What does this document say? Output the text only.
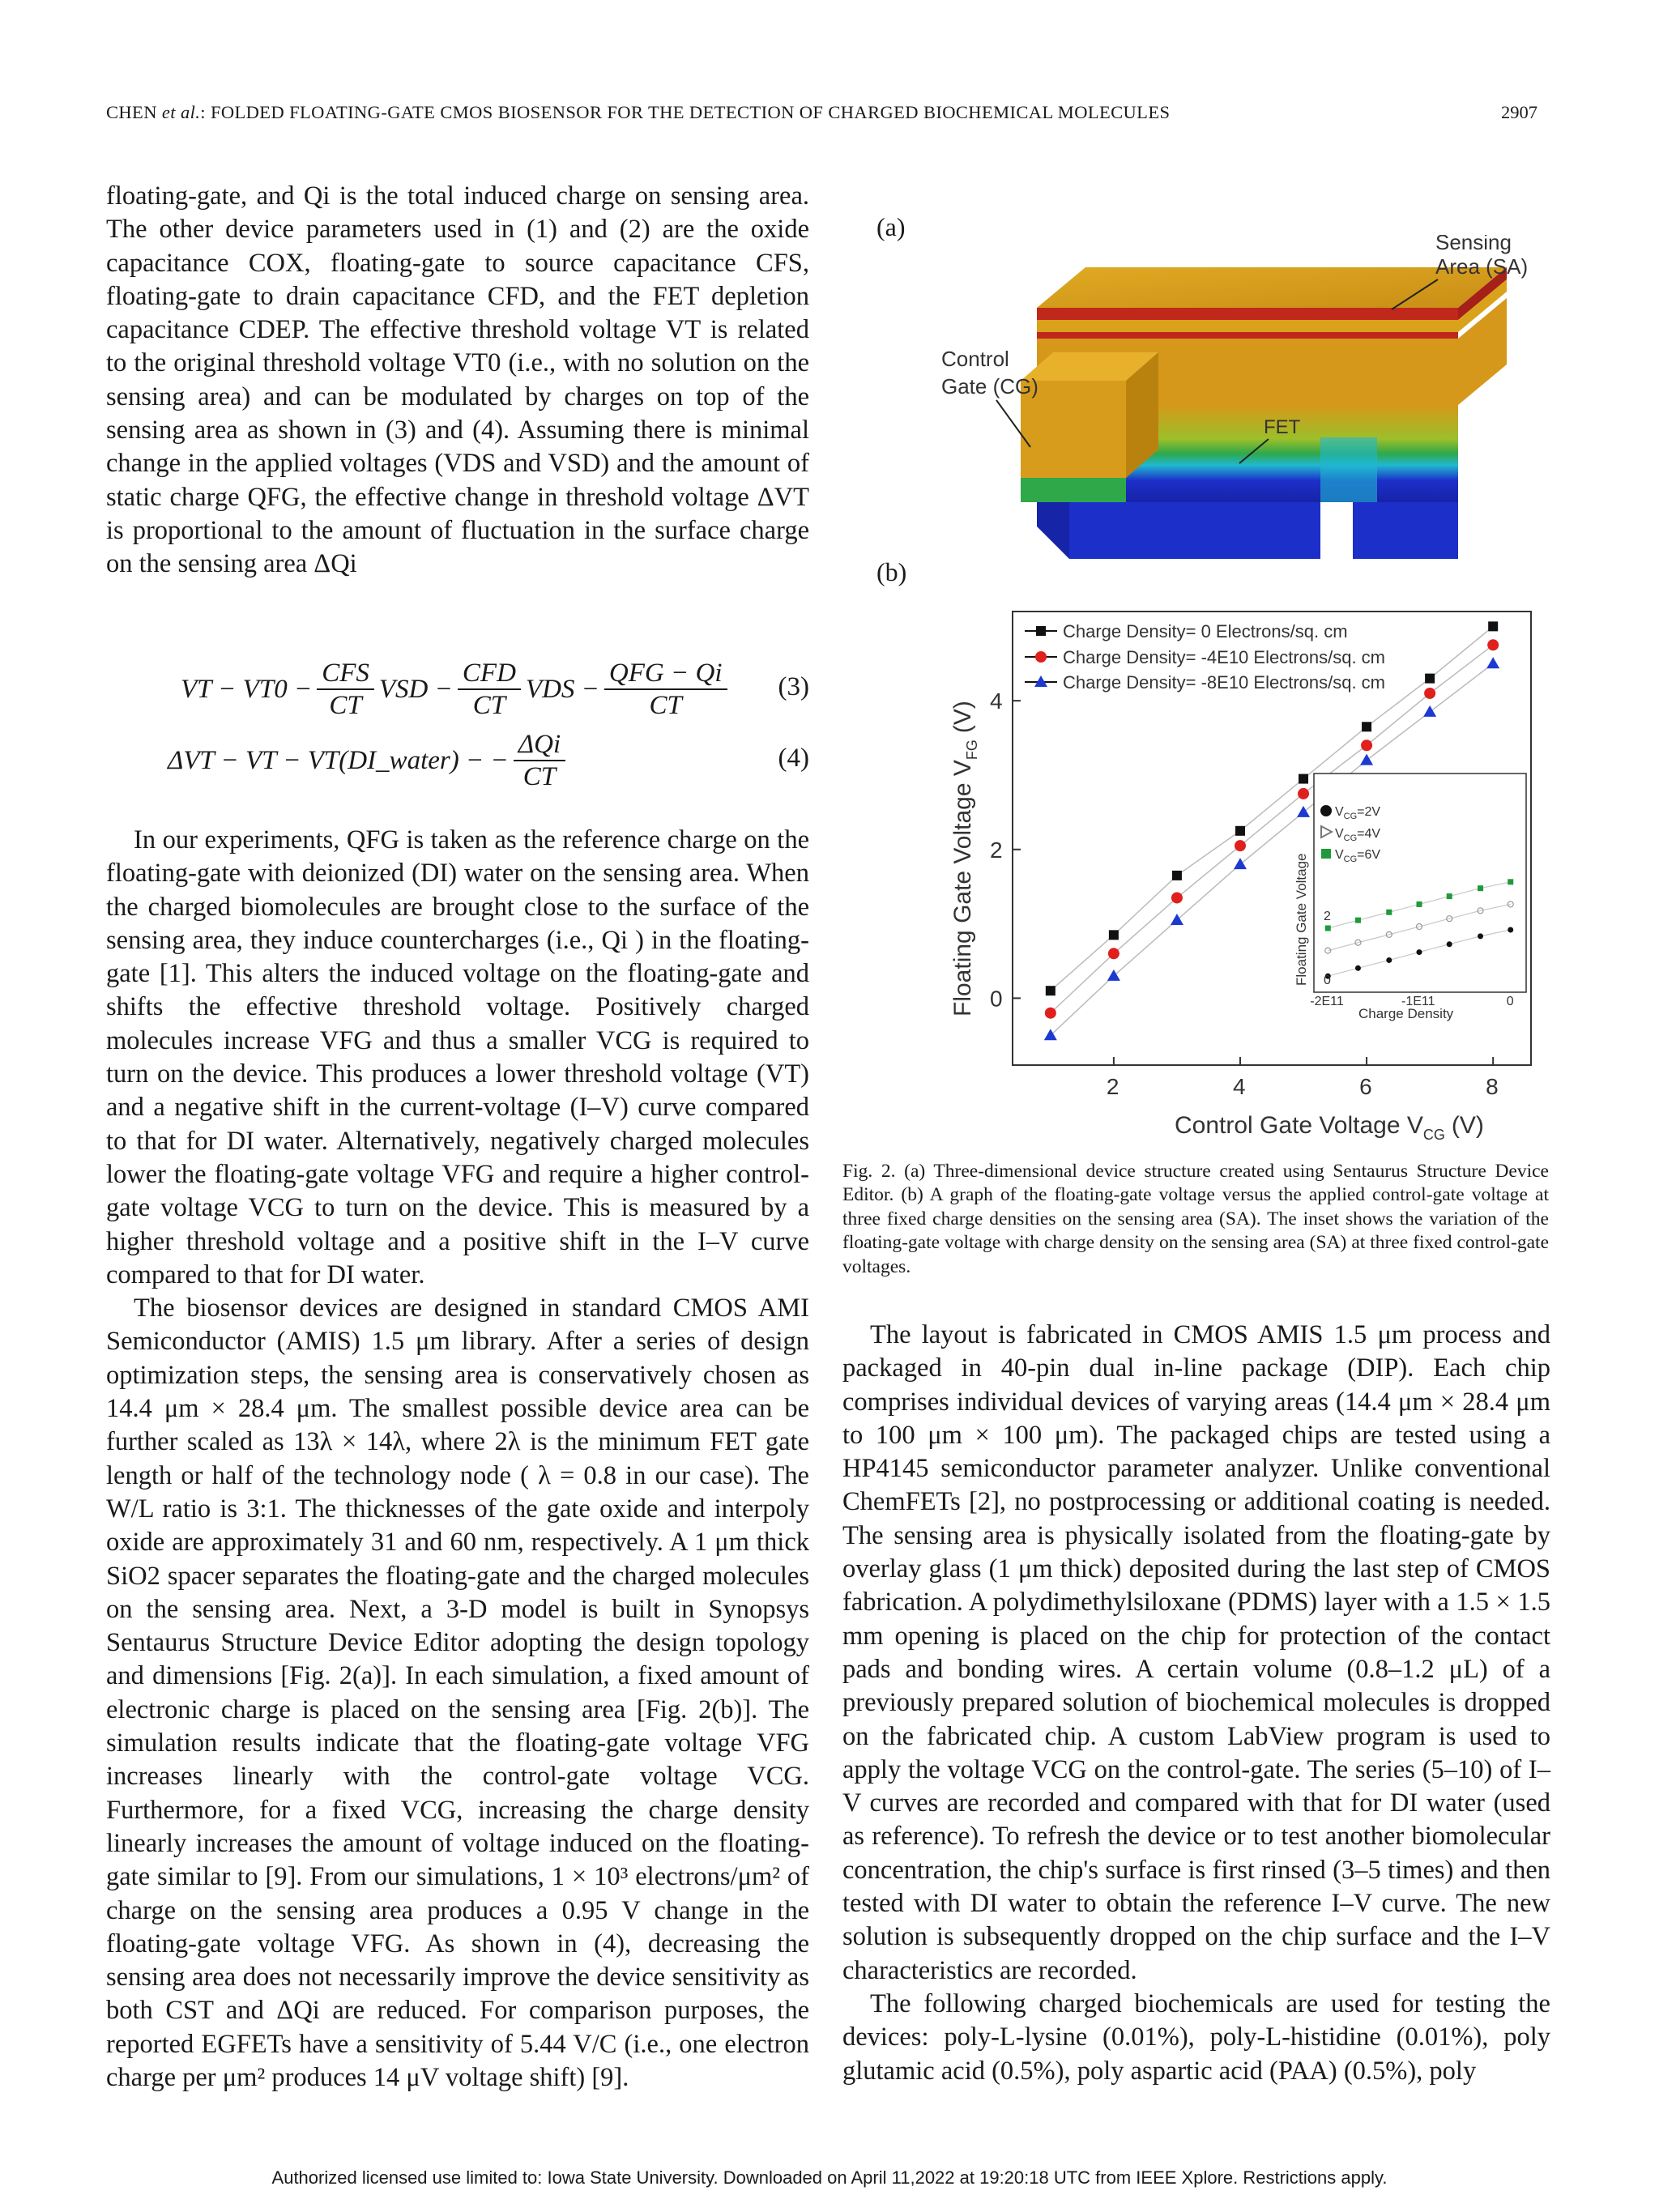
CHEN et al.: FOLDED FLOATING-GATE CMOS BIOSENSOR FOR THE DETECTION OF CHARGED BIOCHEMICAL MOLECULES	2907

floating-gate, and Qi is the total induced charge on sensing area. The other device parameters used in (1) and (2) are the oxide capacitance COX, floating-gate to source capacitance CFS, floating-gate to drain capacitance CFD, and the FET depletion capacitance CDEP. The effective threshold voltage VT is related to the original threshold voltage VT0 (i.e., with no solution on the sensing area) and can be modulated by charges on top of the sensing area as shown in (3) and (4). Assuming there is minimal change in the applied voltages (VDS and VSD) and the amount of static charge QFG, the effective change in threshold voltage ΔVT is proportional to the amount of fluctuation in the surface charge on the sensing area ΔQi

VT − $VT0 - \frac{\text{CFS}}{CT}$ VSD − $\frac{\text{CFD}}{CT}$ VDS − $\frac{\text{QFG − Qi}}{CT} (3)$
ΔVT − VT − VT(DI_water) − − $\frac{\text{ΔQi}}{CT}$	(4)

In our experiments, QFG is taken as the reference charge on the floating-gate with deionized (DI) water on the sensing area. When the charged biomolecules are brought close to the surface of the sensing area, they induce countercharges (i.e., Qi ) in the floating-gate [1]. This alters the induced voltage on the floating-gate and shifts the effective threshold voltage. Positively charged molecules increase VFG and thus a smaller VCG is required to turn on the device. This produces a lower threshold voltage (VT) and a negative shift in the current-voltage (I–V) curve compared to that for DI water. Alternatively, negatively charged molecules lower the floating-gate voltage VFG and require a higher control-gate voltage VCG to turn on the device. This is measured by a higher threshold voltage and a positive shift in the I–V curve compared to that for DI water.

The biosensor devices are designed in standard CMOS AMI Semiconductor (AMIS) 1.5 μm library. After a series of design optimization steps, the sensing area is conservatively chosen as 14.4 μm × 28.4 μm. The smallest possible device area can be further scaled as 13λ × 14λ, where 2λ is the minimum FET gate length or half of the technology node ( λ = 0.8 in our case). The W/L ratio is 3:1. The thicknesses of the gate oxide and interpoly oxide are approximately 31 and 60 nm, respectively. A 1 μm thick SiO2 spacer separates the floating-gate and the charged molecules on the sensing area. Next, a 3-D model is built in Synopsys Sentaurus Structure Device Editor adopting the design topology and dimensions [Fig. 2(a)]. In each simulation, a fixed amount of electronic charge is placed on the sensing area [Fig. 2(b)]. The simulation results indicate that the floating-gate voltage VFG increases linearly with the control-gate voltage VCG. Furthermore, for a fixed VCG, increasing the charge density linearly increases the amount of voltage induced on the floating-gate similar to [9]. From our simulations, 1 × 10³ electrons/μm² of charge on the sensing area produces a 0.95 V change in the floating-gate voltage VFG. As shown in (4), decreasing the sensing area does not necessarily improve the device sensitivity as both CST and ΔQi are reduced. For comparison purposes, the reported EGFETs have a sensitivity of 5.44 V/C (i.e., one electron charge per μm² produces 14 μV voltage shift) [9].

(a)
(b)
Sensing
Area (SA)
Control
Gate (CG)
FET
2	4	6	8
0
2
4
Charge Density= 0 Electrons/sq. cm
Charge Density= -4E10 Electrons/sq. cm
Charge Density= -8E10 Electrons/sq. cm
Control Gate Voltage $V_{CG}$ (V)
Floating Gate Voltage $V_{FG}(V)$
$V_{CG}=2V$
$V_{CG}=4V$
$V_{CG}=6V$
Floating Gate Voltage
Charge Density
-2E11	-1E11	0
0
2
Fig. 2. (a) Three-dimensional device structure created using Sentaurus Structure Device Editor. (b) A graph of the floating-gate voltage versus the applied control-gate voltage at three fixed charge densities on the sensing area (SA). The inset shows the variation of the floating-gate voltage with charge density on the sensing area (SA) at three fixed control-gate voltages.

The layout is fabricated in CMOS AMIS 1.5 μm process and packaged in 40-pin dual in-line package (DIP). Each chip comprises individual devices of varying areas (14.4 μm × 28.4 μm to 100 μm × 100 μm). The packaged chips are tested using a HP4145 semiconductor parameter analyzer. Unlike conventional ChemFETs [2], no postprocessing or additional coating is needed. The sensing area is physically isolated from the floating-gate by overlay glass (1 μm thick) deposited during the last step of CMOS fabrication. A polydimethylsiloxane (PDMS) layer with a 1.5 × 1.5 mm opening is placed on the chip for protection of the contact pads and bonding wires. A certain volume (0.8–1.2 μL) of a previously prepared solution of biochemical molecules is dropped on the fabricated chip. A custom LabView program is used to apply the voltage VCG on the control-gate. The series (5–10) of I–V curves are recorded and compared with that for DI water (used as reference). To refresh the device or to test another biomolecular concentration, the chip's surface is first rinsed (3–5 times) and then tested with DI water to obtain the reference I–V curve. The new solution is subsequently dropped on the chip surface and the I–V characteristics are recorded.

The following charged biochemicals are used for testing the devices: poly-L-lysine (0.01%), poly-L-histidine (0.01%), poly glutamic acid (0.5%), poly aspartic acid (PAA) (0.5%), poly

Authorized licensed use limited to: Iowa State University. Downloaded on April 11,2022 at 19:20:18 UTC from IEEE Xplore. Restrictions apply.
